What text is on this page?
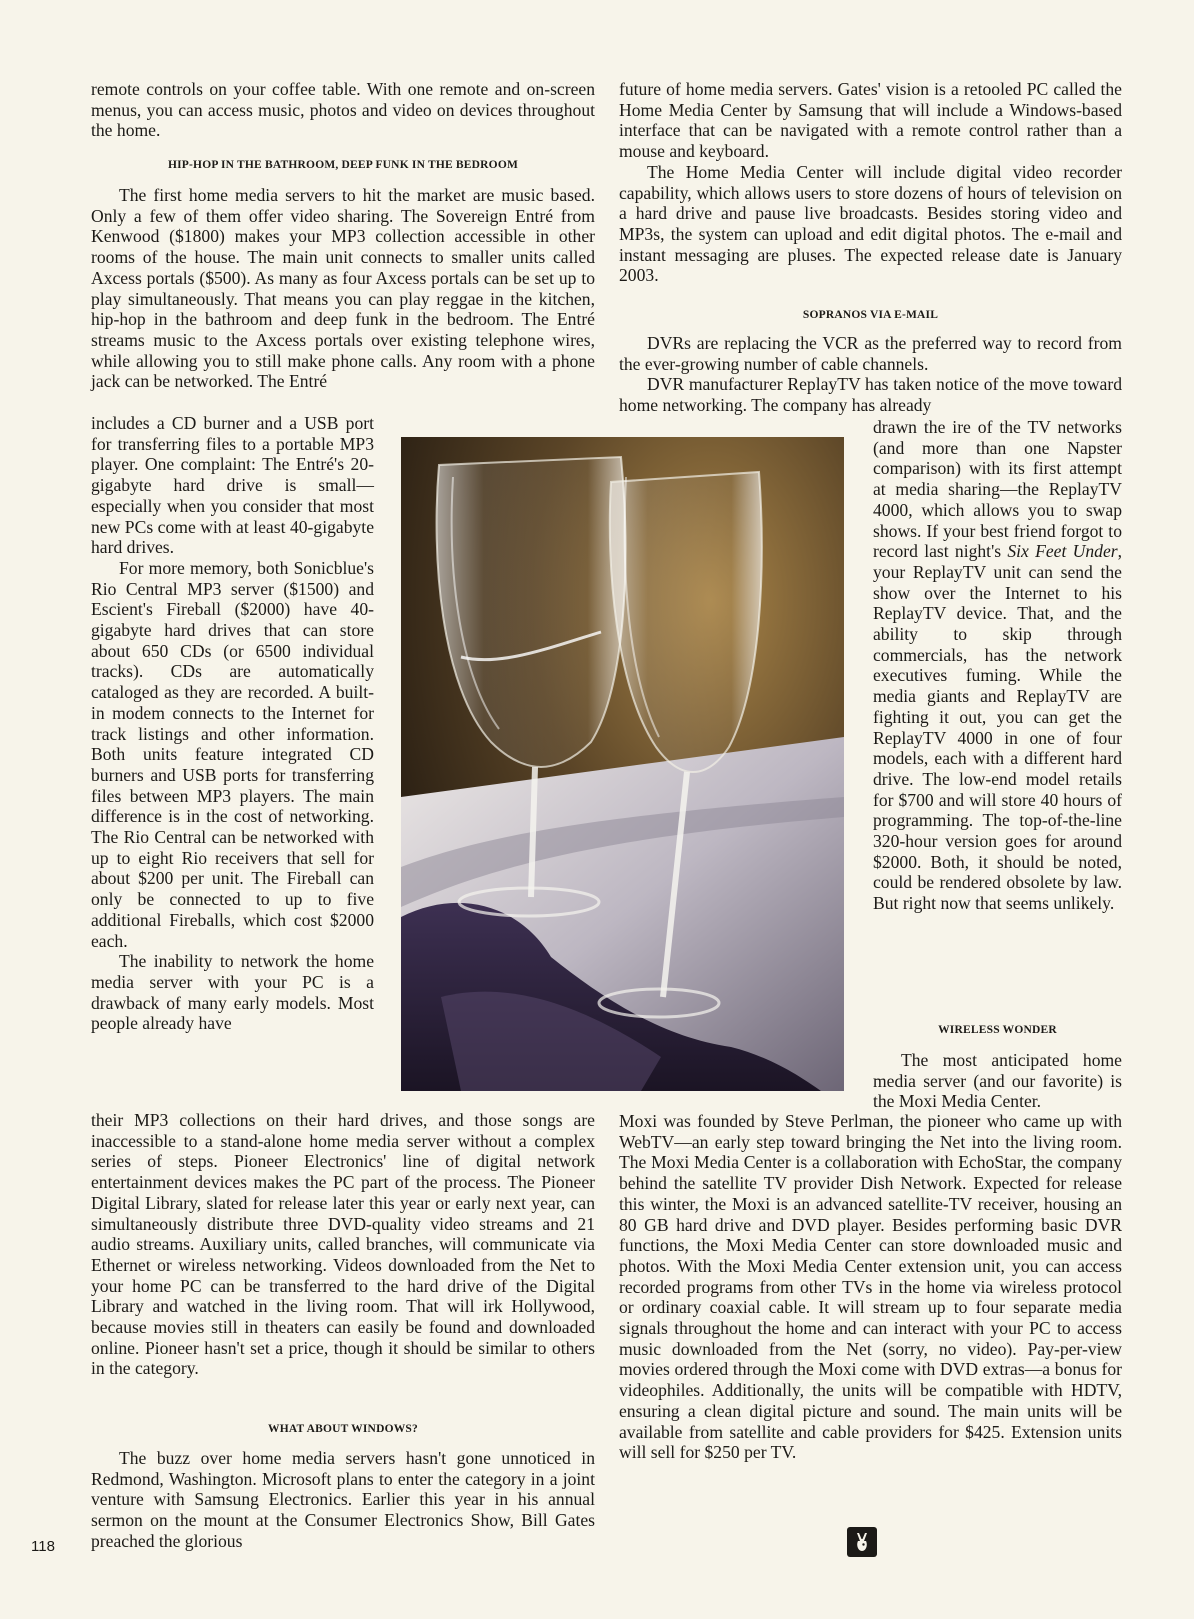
remote controls on your coffee table. With one remote and on-screen menus, you can access music, photos and video on devices throughout the home.

HIP-HOP IN THE BATHROOM, DEEP FUNK IN THE BEDROOM

The first home media servers to hit the market are music based. Only a few of them offer video sharing. The Sovereign Entré from Kenwood ($1800) makes your MP3 collection accessible in other rooms of the house. The main unit connects to smaller units called Axcess portals ($500). As many as four Axcess portals can be set up to play simultaneously. That means you can play reggae in the kitchen, hip-hop in the bathroom and deep funk in the bedroom. The Entré streams music to the Axcess portals over existing telephone wires, while allowing you to still make phone calls. Any room with a phone jack can be networked. The Entré

includes a CD burner and a USB port for transferring files to a portable MP3 player. One complaint: The Entré's 20-gigabyte hard drive is small—especially when you consider that most new PCs come with at least 40-gigabyte hard drives.

For more memory, both Sonicblue's Rio Central MP3 server ($1500) and Escient's Fireball ($2000) have 40-gigabyte hard drives that can store about 650 CDs (or 6500 individual tracks). CDs are automatically cataloged as they are recorded. A built-in modem connects to the Internet for track listings and other information. Both units feature integrated CD burners and USB ports for transferring files between MP3 players. The main difference is in the cost of networking. The Rio Central can be networked with up to eight Rio receivers that sell for about $200 per unit. The Fireball can only be connected to up to five additional Fireballs, which cost $2000 each.

The inability to network the home media server with your PC is a drawback of many early models. Most people already have

their MP3 collections on their hard drives, and those songs are inaccessible to a stand-alone home media server without a complex series of steps. Pioneer Electronics' line of digital network entertainment devices makes the PC part of the process. The Pioneer Digital Library, slated for release later this year or early next year, can simultaneously distribute three DVD-quality video streams and 21 audio streams. Auxiliary units, called branches, will communicate via Ethernet or wireless networking. Videos downloaded from the Net to your home PC can be transferred to the hard drive of the Digital Library and watched in the living room. That will irk Hollywood, because movies still in theaters can easily be found and downloaded online. Pioneer hasn't set a price, though it should be similar to others in the category.

WHAT ABOUT WINDOWS?

The buzz over home media servers hasn't gone unnoticed in Redmond, Washington. Microsoft plans to enter the category in a joint venture with Samsung Electronics. Earlier this year in his annual sermon on the mount at the Consumer Electronics Show, Bill Gates preached the glorious

future of home media servers. Gates' vision is a retooled PC called the Home Media Center by Samsung that will include a Windows-based interface that can be navigated with a remote control rather than a mouse and keyboard.

The Home Media Center will include digital video recorder capability, which allows users to store dozens of hours of television on a hard drive and pause live broadcasts. Besides storing video and MP3s, the system can upload and edit digital photos. The e-mail and instant messaging are pluses. The expected release date is January 2003.

SOPRANOS VIA E-MAIL

DVRs are replacing the VCR as the preferred way to record from the ever-growing number of cable channels.

DVR manufacturer ReplayTV has taken notice of the move toward home networking. The company has already

drawn the ire of the TV networks (and more than one Napster comparison) with its first attempt at media sharing—the ReplayTV 4000, which allows you to swap shows. If your best friend forgot to record last night's Six Feet Under, your ReplayTV unit can send the show over the Internet to his ReplayTV device. That, and the ability to skip through commercials, has the network executives fuming. While the media giants and ReplayTV are fighting it out, you can get the ReplayTV 4000 in one of four models, each with a different hard drive. The low-end model retails for $700 and will store 40 hours of programming. The top-of-the-line 320-hour version goes for around $2000. Both, it should be noted, could be rendered obsolete by law. But right now that seems unlikely.

WIRELESS WONDER

The most anticipated home media server (and our favorite) is the Moxi Media Center.

Moxi was founded by Steve Perlman, the pioneer who came up with WebTV—an early step toward bringing the Net into the living room. The Moxi Media Center is a collaboration with EchoStar, the company behind the satellite TV provider Dish Network. Expected for release this winter, the Moxi is an advanced satellite-TV receiver, housing an 80 GB hard drive and DVD player. Besides performing basic DVR functions, the Moxi Media Center can store downloaded music and photos. With the Moxi Media Center extension unit, you can access recorded programs from other TVs in the home via wireless protocol or ordinary coaxial cable. It will stream up to four separate media signals throughout the home and can interact with your PC to access music downloaded from the Net (sorry, no video). Pay-per-view movies ordered through the Moxi come with DVD extras—a bonus for videophiles. Additionally, the units will be compatible with HDTV, ensuring a clean digital picture and sound. The main units will be available from satellite and cable providers for $425. Extension units will sell for $250 per TV.

118
